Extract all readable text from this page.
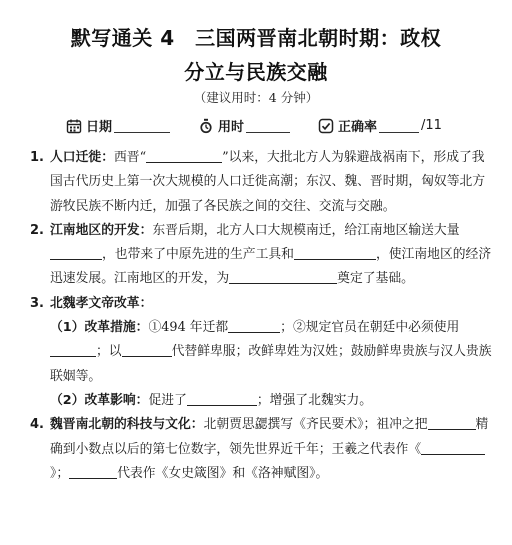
默写通关 4　三国两晋南北朝时期：政权
分立与民族交融
（建议用时：4 分钟）
日期	用时	正确率	/11
1. 人口迁徙：西晋“	”以来，大批北方人为躲避战祸南下，形成了我国古代历史上第一次大规模的人口迁徙高潮；东汉、魏、晋时期，匈奴等北方游牧民族不断内迁，加强了各民族之间的交往、交流与交融。
2. 江南地区的开发：东晋后期，北方人口大规模南迁，给江南地区输送大量，也带来了中原先进的生产工具和	，使江南地区的经济迅速发展。江南地区的开发，为	奠定了基础。
3. 北魏孝文帝改革：
（1）改革措施：①494 年迁都	；②规定官员在朝廷中必须使用；以	代替鲜卑服；改鲜卑姓为汉姓；鼓励鲜卑贵族与汉人贵族联姻等。
（2）改革影响：促进了	；增强了北魏实力。
4. 魏晋南北朝的科技与文化：北朝贾思勰撰写《齐民要术》；祖冲之把	精确到小数点以后的第七位数字，领先世界近千年；王羲之代表作《》；	代表作《女史箴图》和《洛神赋图》。
